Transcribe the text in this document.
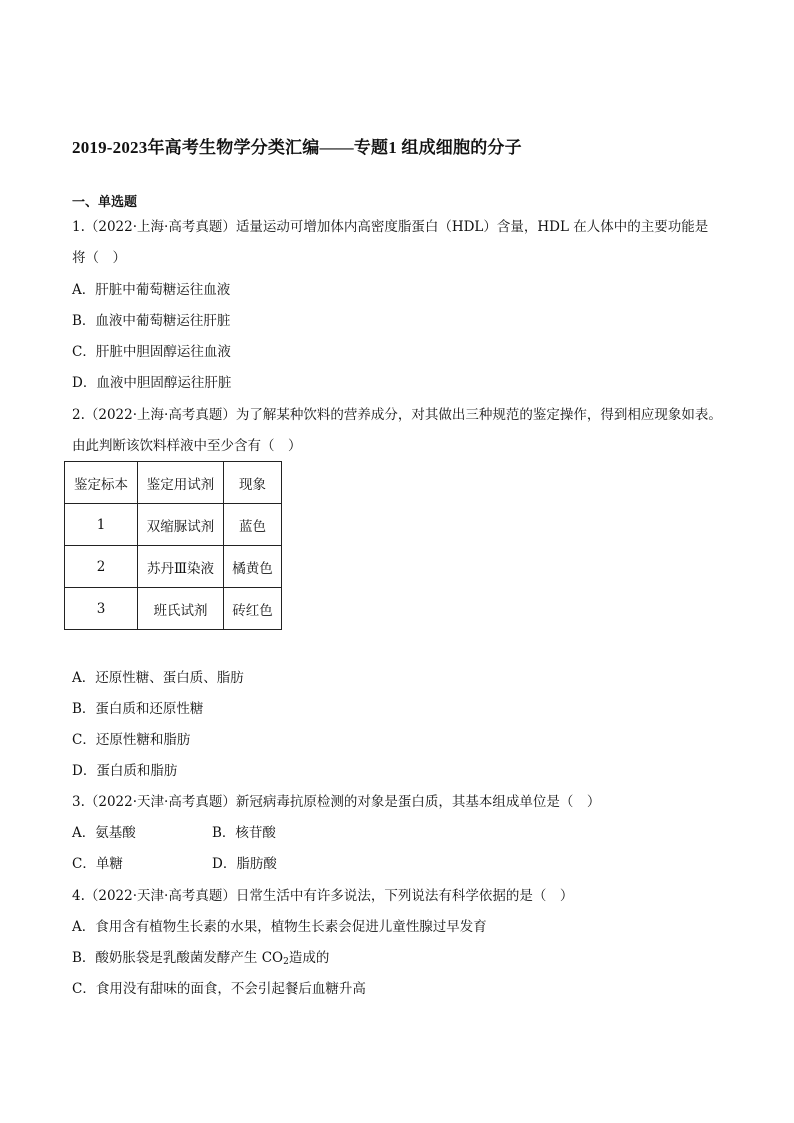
2019-2023年高考生物学分类汇编——专题1 组成细胞的分子
一、单选题
1.（2022·上海·高考真题）适量运动可增加体内高密度脂蛋白（HDL）含量，HDL 在人体中的主要功能是
将（　）
A．肝脏中葡萄糖运往血液
B．血液中葡萄糖运往肝脏
C．肝脏中胆固醇运往血液
D．血液中胆固醇运往肝脏
2.（2022·上海·高考真题）为了解某种饮料的营养成分，对其做出三种规范的鉴定操作，得到相应现象如表。
由此判断该饮料样液中至少含有（　）
鉴定标本	鉴定用试剂	现象
1	双缩脲试剂	蓝色
2	苏丹Ⅲ染液	橘黄色
3	班氏试剂	砖红色
A．还原性糖、蛋白质、脂肪
B．蛋白质和还原性糖
C．还原性糖和脂肪
D．蛋白质和脂肪
3.（2022·天津·高考真题）新冠病毒抗原检测的对象是蛋白质，其基本组成单位是（　）
A．氨基酸	B．核苷酸
C．单糖	D．脂肪酸
4.（2022·天津·高考真题）日常生活中有许多说法，下列说法有科学依据的是（　）
A．食用含有植物生长素的水果，植物生长素会促进儿童性腺过早发育
B．酸奶胀袋是乳酸菌发酵产生 $CO_2$造成的
C．食用没有甜味的面食，不会引起餐后血糖升高
